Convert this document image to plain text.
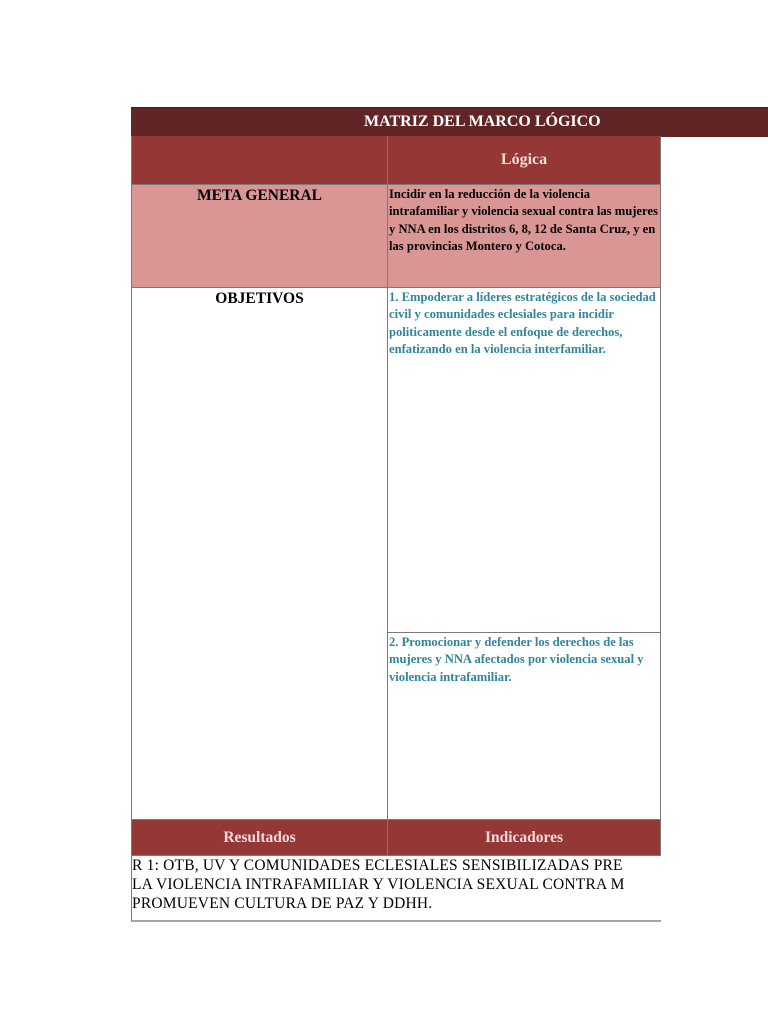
MATRIZ DEL MARCO LÓGICO
Lógica
META GENERAL	Incidir en la reducción de la violencia intrafamiliar y violencia sexual contra las mujeres y NNA en los distritos 6, 8, 12 de Santa Cruz, y en las provincias Montero y Cotoca.
OBJETIVOS	1. Empoderar a líderes estratégicos de la sociedad civil y comunidades eclesiales para incidir politicamente desde el enfoque de derechos, enfatizando en la violencia interfamiliar.
2. Promocionar y defender los derechos de las mujeres y NNA afectados por violencia sexual y violencia intrafamiliar.
Resultados	Indicadores
R 1: OTB, UV Y COMUNIDADES ECLESIALES SENSIBILIZADAS PRE
LA VIOLENCIA INTRAFAMILIAR Y VIOLENCIA SEXUAL CONTRA M
PROMUEVEN CULTURA DE PAZ Y DDHH.
